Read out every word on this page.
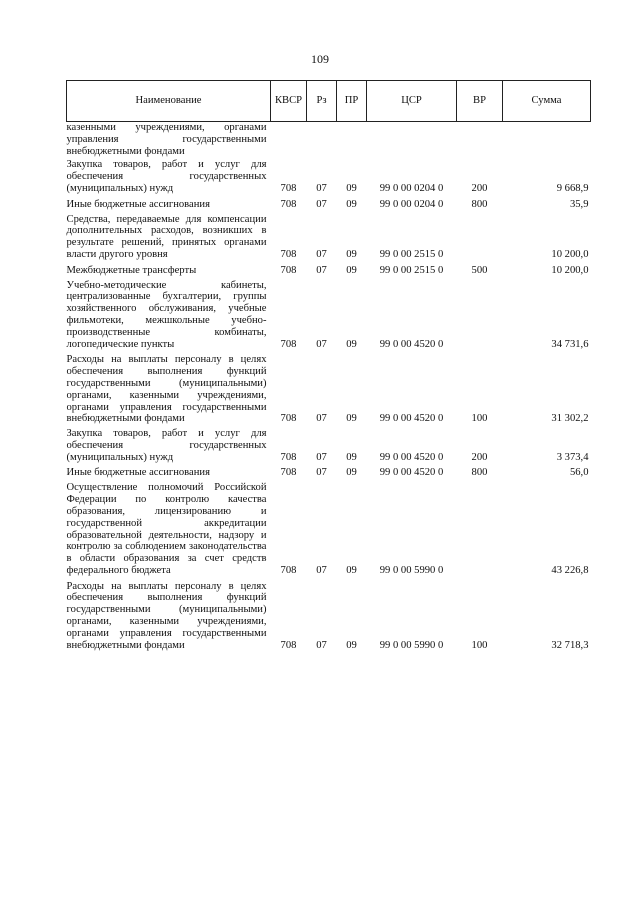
109
Наименование	КВСР	Рз	ПР	ЦСР	ВР	Сумма
казенными учреждениями, органами управления государственными внебюджетными фондами						
Закупка товаров, работ и услуг для обеспечения государственных (муниципальных) нужд	708	07	09	99 0 00 0204 0	200	9 668,9
Иные бюджетные ассигнования	708	07	09	99 0 00 0204 0	800	35,9
Средства, передаваемые для компенсации дополнительных расходов, возникших в результате решений, принятых органами власти другого уровня	708	07	09	99 0 00 2515 0		10 200,0
Межбюджетные трансферты	708	07	09	99 0 00 2515 0	500	10 200,0
Учебно-методические кабинеты, централизованные бухгалтерии, группы хозяйственного обслуживания, учебные фильмотеки, межшкольные учебно-производственные комбинаты, логопедические пункты	708	07	09	99 0 00 4520 0		34 731,6
Расходы на выплаты персоналу в целях обеспечения выполнения функций государственными (муниципальными) органами, казенными учреждениями, органами управления государственными внебюджетными фондами	708	07	09	99 0 00 4520 0	100	31 302,2
Закупка товаров, работ и услуг для обеспечения государственных (муниципальных) нужд	708	07	09	99 0 00 4520 0	200	3 373,4
Иные бюджетные ассигнования	708	07	09	99 0 00 4520 0	800	56,0
Осуществление полномочий Российской Федерации по контролю качества образования, лицензированию и государственной аккредитации образовательной деятельности, надзору и контролю за соблюдением законодательства в области образования за счет средств федерального бюджета	708	07	09	99 0 00 5990 0		43 226,8
Расходы на выплаты персоналу в целях обеспечения выполнения функций государственными (муниципальными) органами, казенными учреждениями, органами управления государственными внебюджетными фондами	708	07	09	99 0 00 5990 0	100	32 718,3
